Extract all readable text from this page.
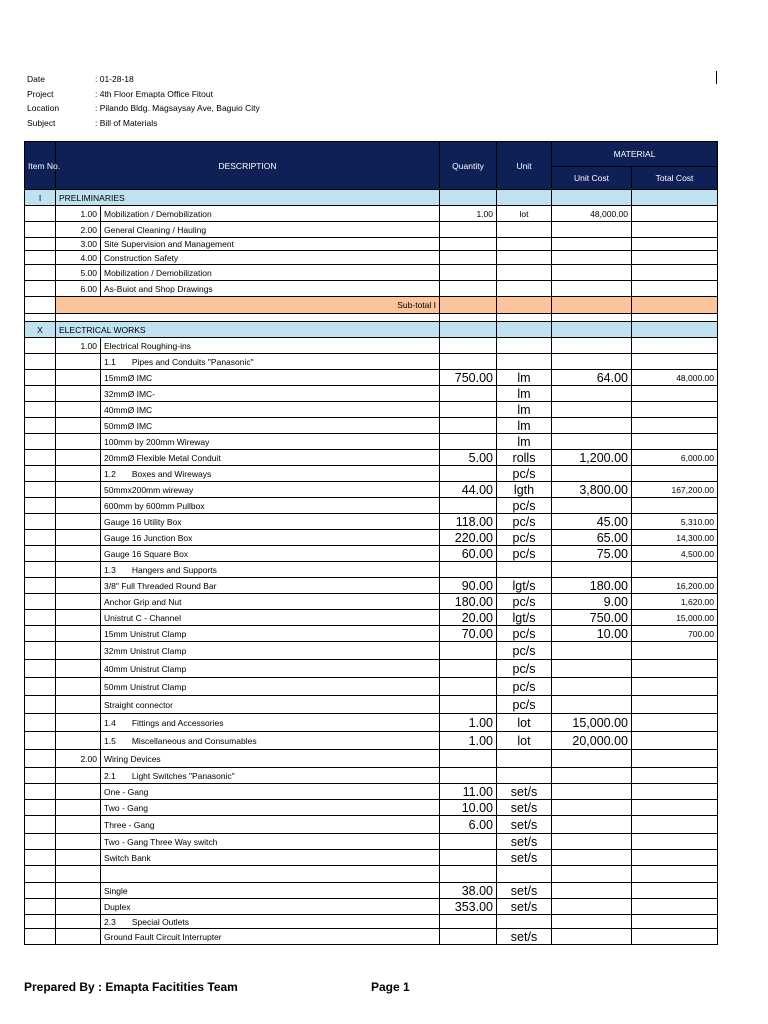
Date	: 01-28-18
Project	: 4th Floor Emapta Office Fitout
Location	: Pilando Bldg. Magsaysay Ave, Baguio City
Subject	: Bill of Materials
Item No.	DESCRIPTION		Quantity	Unit	MATERIAL	
					Unit Cost	Total Cost
I	PRELIMINARIES					
	1.00	Mobilization / Demobilization	1.00	lot	48,000.00	
	2.00	General Cleaning / Hauling				
	3.00	Site Supervision and Management				
	4.00	Construction Safety				
	5.00	Mobilization / Demobilization				
	6.00	As-Buiot and Shop Drawings				
	Sub-total I					

X	ELECTRICAL WORKS					
	1.00	Electrical Roughing-ins				
		1.1 Pipes and Conduits "Panasonic"				
		15mmØ IMC	750.00	lm	64.00	48,000.00
		32mmØ IMC-		lm		
		40mmØ IMC		lm		
		50mmØ IMC		lm		
		100mm by 200mm Wireway		lm		
		20mmØ Flexible Metal Conduit	5.00	rolls	1,200.00	6,000.00
		1.2 Boxes and Wireways		pc/s		
		50mmx200mm wireway	44.00	lgth	3,800.00	167,200.00
		600mm by 600mm Pullbox		pc/s		
		Gauge 16 Utility Box	118.00	pc/s	45.00	5,310.00
		Gauge 16 Junction Box	220.00	pc/s	65.00	14,300.00
		Gauge 16 Square Box	60.00	pc/s	75.00	4,500.00
		1.3 Hangers and Supports				
		3/8" Full Threaded Round Bar	90.00	lgt/s	180.00	16,200.00
		Anchor Grip and Nut	180.00	pc/s	9.00	1,620.00
		Unistrut C - Channel	20.00	lgt/s	750.00	15,000.00
		15mm Unistrut Clamp	70.00	pc/s	10.00	700.00
		32mm Unistrut Clamp		pc/s		
		40mm Unistrut Clamp		pc/s		
		50mm Unistrut Clamp		pc/s		
		Straight connector		pc/s		
		1.4 Fittings and Accessories	1.00	lot	15,000.00	
		1.5 Miscellaneous and Consumables	1.00	lot	20,000.00	
	2.00	Wiring Devices				
		2.1 Light Switches "Panasonic"				
		One - Gang	11.00	set/s		
		Two - Gang	10.00	set/s		
		Three - Gang	6.00	set/s		
		Two - Gang Three Way switch		set/s		
		Switch Bank		set/s		

		Single	38.00	set/s		
		Duplex	353.00	set/s		
		2.3 Special Outlets				
		Ground Fault Circuit Interrupter		set/s		
Prepared By : Emapta Facitities Team	Page 1
